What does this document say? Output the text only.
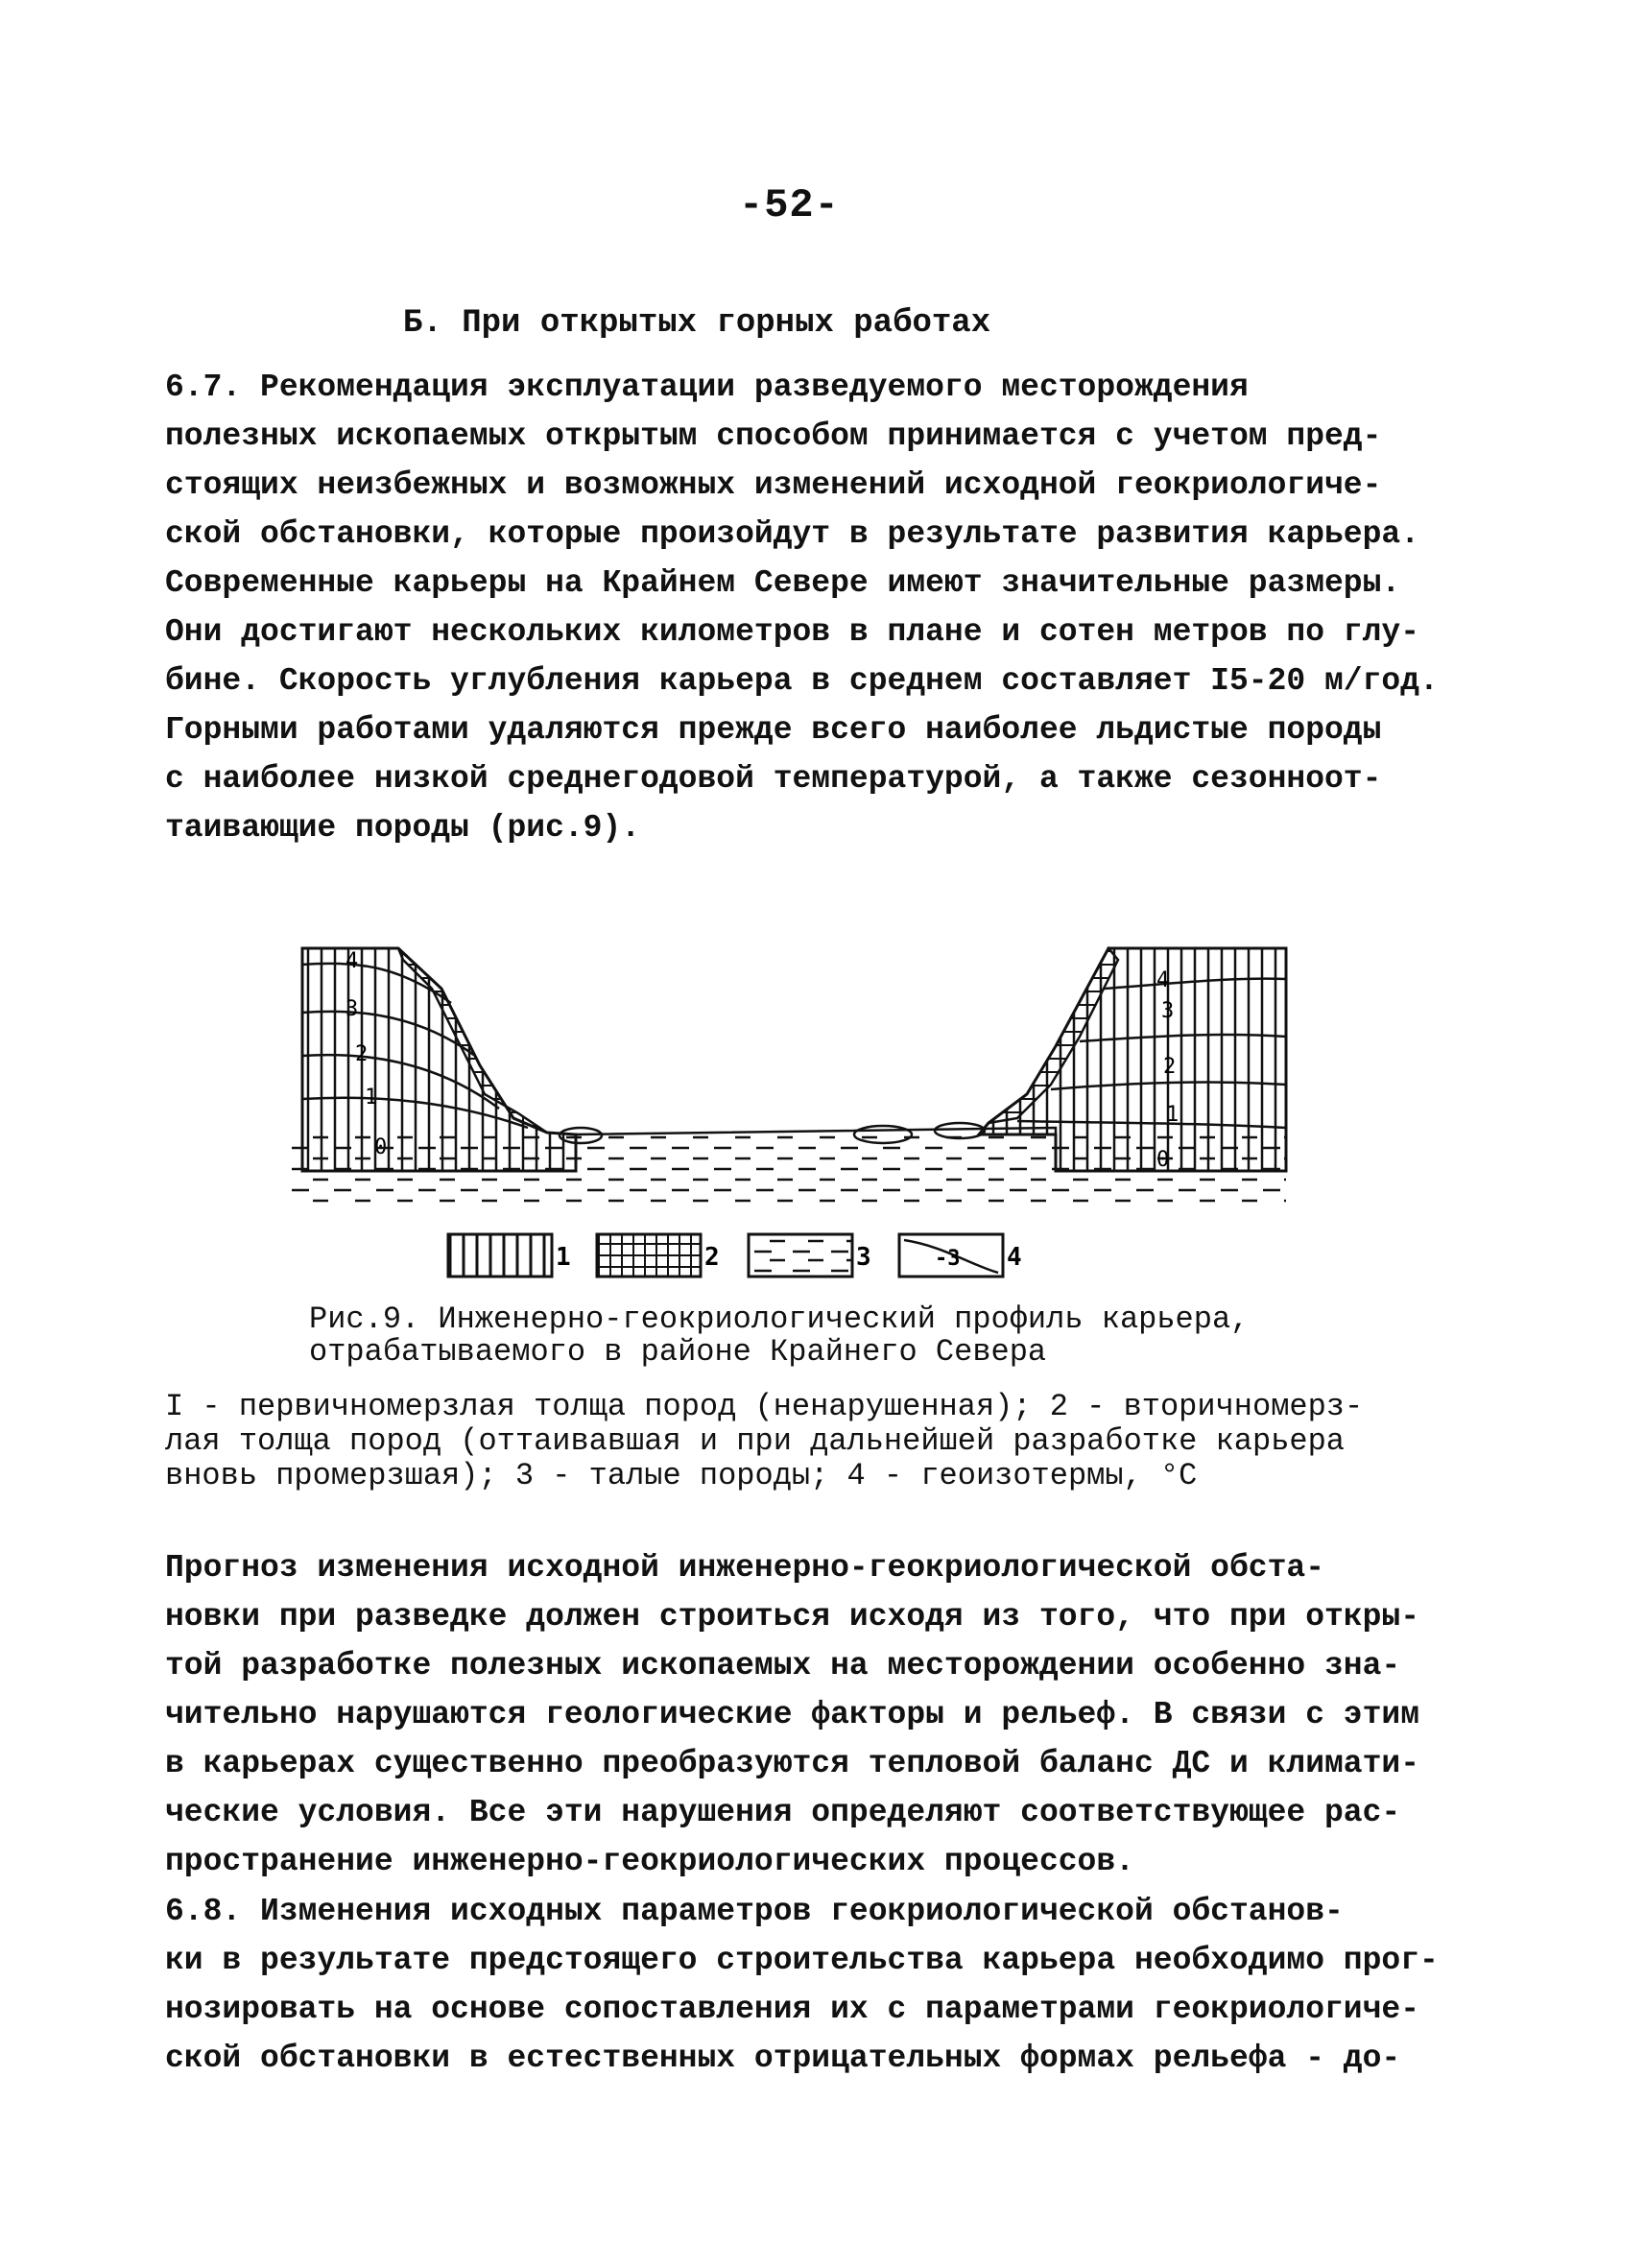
-52-
Б. При открытых горных работах

6.7. Рекомендация эксплуатации разведуемого месторождения
полезных ископаемых открытым способом принимается с учетом пред-
стоящих неизбежных и возможных изменений исходной геокриологиче-
ской обстановки, которые произойдут в результате развития карьера.
Современные карьеры на Крайнем Севере имеют значительные размеры.
Они достигают нескольких километров в плане и сотен метров по глу-
бине. Скорость углубления карьера в среднем составляет I5-20 м/год.
Горными работами удаляются прежде всего наиболее льдистые породы
с наиболее низкой среднегодовой температурой, а также сезонноот-
таивающие породы (рис.9).

4
3
2
1
4
3
2
1
0
1	2	3	-3 4
Рис.9. Инженерно-геокриологический профиль карьера,
отрабатываемого в районе Крайнего Севера
I - первичномерзлая толща пород (ненарушенная); 2 - вторичномерз-
лая толща пород (оттаивавшая и при дальнейшей разработке карьера
вновь промерзшая); 3 - талые породы; 4 - геоизотермы, °С

Прогноз изменения исходной инженерно-геокриологической обста-
новки при разведке должен строиться исходя из того, что при откры-
той разработке полезных ископаемых на месторождении особенно зна-
чительно нарушаются геологические факторы и рельеф. В связи с этим
в карьерах существенно преобразуются тепловой баланс ДС и климати-
ческие условия. Все эти нарушения определяют соответствующее рас-
пространение инженерно-геокриологических процессов.

6.8. Изменения исходных параметров геокриологической обстанов-
ки в результате предстоящего строительства карьера необходимо прог-
нозировать на основе сопоставления их с параметрами геокриологиче-
ской обстановки в естественных отрицательных формах рельефа - до-
